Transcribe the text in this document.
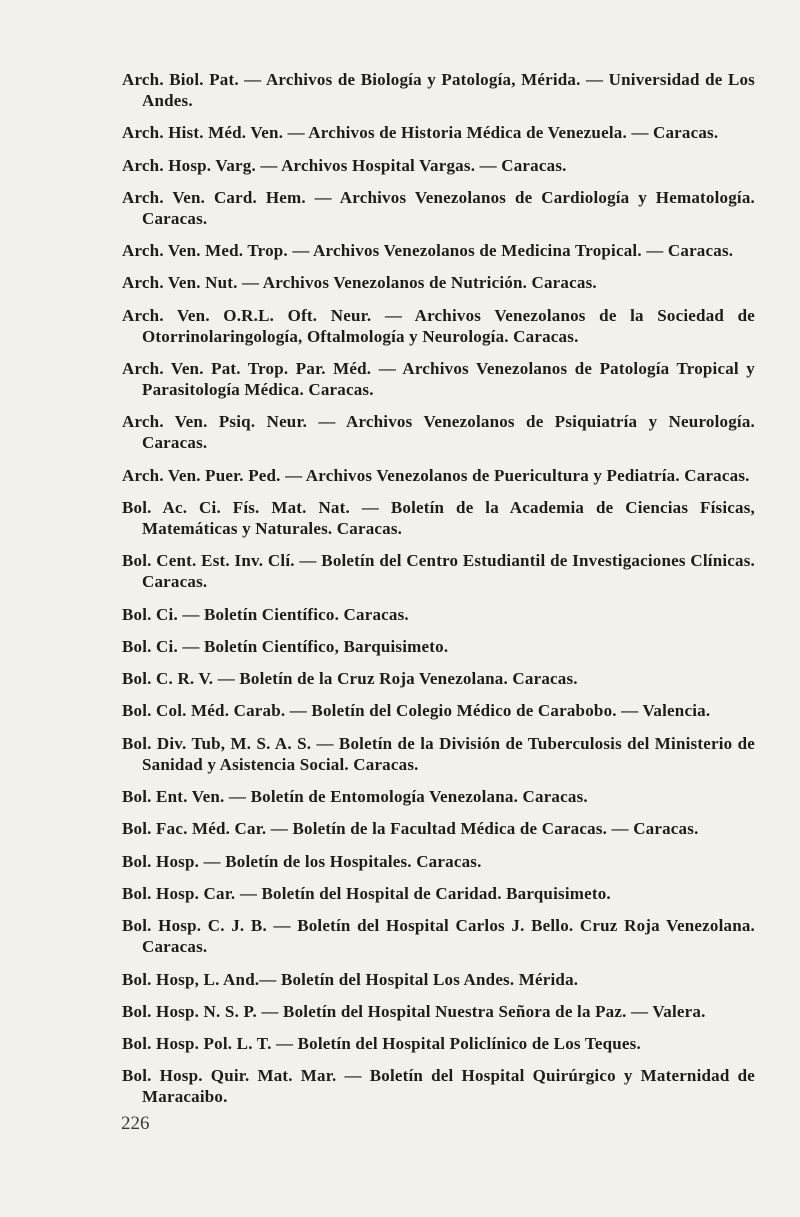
Arch. Biol. Pat. — Archivos de Biología y Patología, Mérida. — Universidad de Los Andes.

Arch. Hist. Méd. Ven. — Archivos de Historia Médica de Venezuela. — Caracas.

Arch. Hosp. Varg. — Archivos Hospital Vargas. — Caracas.

Arch. Ven. Card. Hem. — Archivos Venezolanos de Cardiología y Hematología. Caracas.

Arch. Ven. Med. Trop. — Archivos Venezolanos de Medicina Tropical. — Caracas.

Arch. Ven. Nut. — Archivos Venezolanos de Nutrición. Caracas.

Arch. Ven. O.R.L. Oft. Neur. — Archivos Venezolanos de la Sociedad de Otorrinolaringología, Oftalmología y Neurología. Caracas.

Arch. Ven. Pat. Trop. Par. Méd. — Archivos Venezolanos de Patología Tropical y Parasitología Médica. Caracas.

Arch. Ven. Psiq. Neur. — Archivos Venezolanos de Psiquiatría y Neurología. Caracas.

Arch. Ven. Puer. Ped. — Archivos Venezolanos de Puericultura y Pediatría. Caracas.

Bol. Ac. Ci. Fís. Mat. Nat. — Boletín de la Academia de Ciencias Físicas, Matemáticas y Naturales. Caracas.

Bol. Cent. Est. Inv. Clí. — Boletín del Centro Estudiantil de Investigaciones Clínicas. Caracas.

Bol. Ci. — Boletín Científico. Caracas.

Bol. Ci. — Boletín Científico, Barquisimeto.

Bol. C. R. V. — Boletín de la Cruz Roja Venezolana. Caracas.

Bol. Col. Méd. Carab. — Boletín del Colegio Médico de Carabobo. — Valencia.

Bol. Div. Tub, M. S. A. S. — Boletín de la División de Tuberculosis del Ministerio de Sanidad y Asistencia Social. Caracas.

Bol. Ent. Ven. — Boletín de Entomología Venezolana. Caracas.

Bol. Fac. Méd. Car. — Boletín de la Facultad Médica de Caracas. — Caracas.

Bol. Hosp. — Boletín de los Hospitales. Caracas.

Bol. Hosp. Car. — Boletín del Hospital de Caridad. Barquisimeto.

Bol. Hosp. C. J. B. — Boletín del Hospital Carlos J. Bello. Cruz Roja Venezolana. Caracas.

Bol. Hosp, L. And.— Boletín del Hospital Los Andes. Mérida.

Bol. Hosp. N. S. P. — Boletín del Hospital Nuestra Señora de la Paz. — Valera.

Bol. Hosp. Pol. L. T. — Boletín del Hospital Policlínico de Los Teques.

Bol. Hosp. Quir. Mat. Mar. — Boletín del Hospital Quirúrgico y Maternidad de Maracaibo.

226
